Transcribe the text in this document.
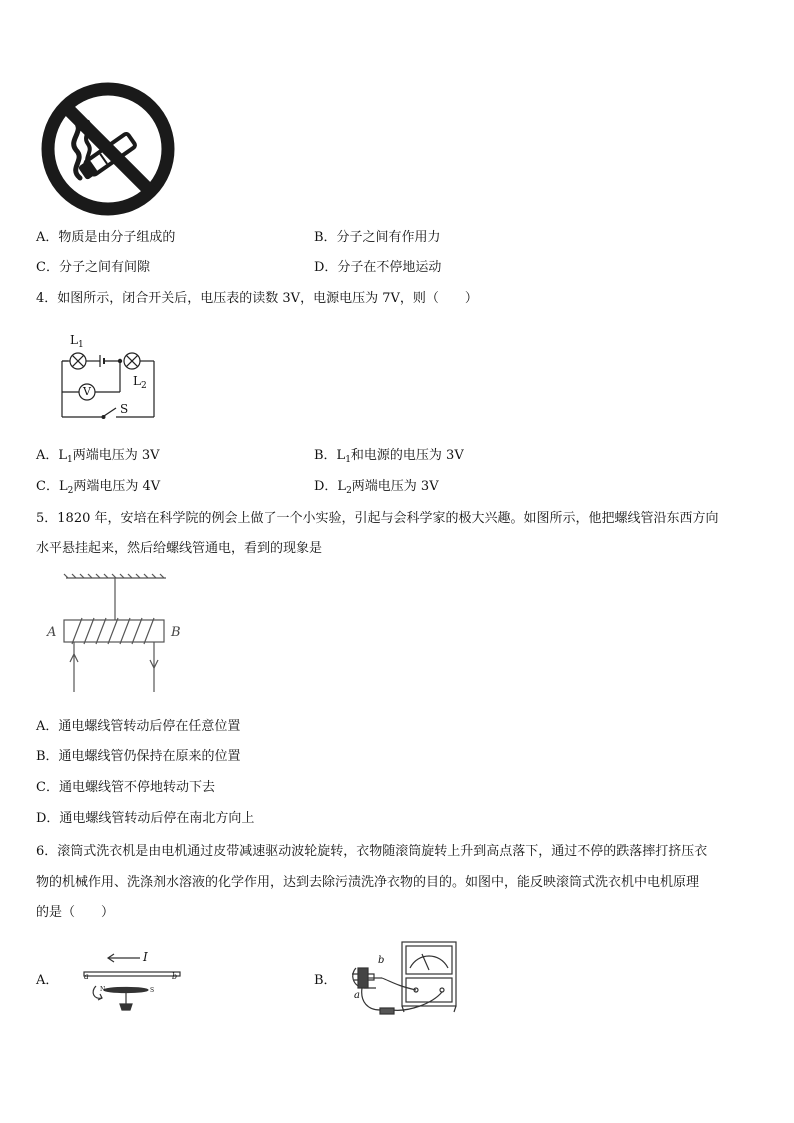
A．物质是由分子组成的	B．分子之间有作用力
C．分子之间有间隙	D．分子在不停地运动
4．如图所示，闭合开关后，电压表的读数 3V，电源电压为 7V，则（　　）
$L_1$
$L_2$
V
S
A．$L_1$两端电压为 3V	B．$L_1$和电源的电压为 3V
C．$L_2$两端电压为 4V	D．$L_2$两端电压为 3V
5．1820 年，安培在科学院的例会上做了一个小实验，引起与会科学家的极大兴趣。如图所示，他把螺线管沿东西方向
水平悬挂起来，然后给螺线管通电，看到的现象是
A	B
A．通电螺线管转动后停在任意位置
B．通电螺线管仍保持在原来的位置
C．通电螺线管不停地转动下去
D．通电螺线管转动后停在南北方向上
6．滚筒式洗衣机是由电机通过皮带减速驱动波轮旋转，衣物随滚筒旋转上升到高点落下，通过不停的跌落摔打挤压衣
物的机械作用、洗涤剂水溶液的化学作用，达到去除污渍洗净衣物的目的。如图中，能反映滚筒式洗衣机中电机原理
的是（　　）
A．
I
a	b
N	S
B．
b
a
